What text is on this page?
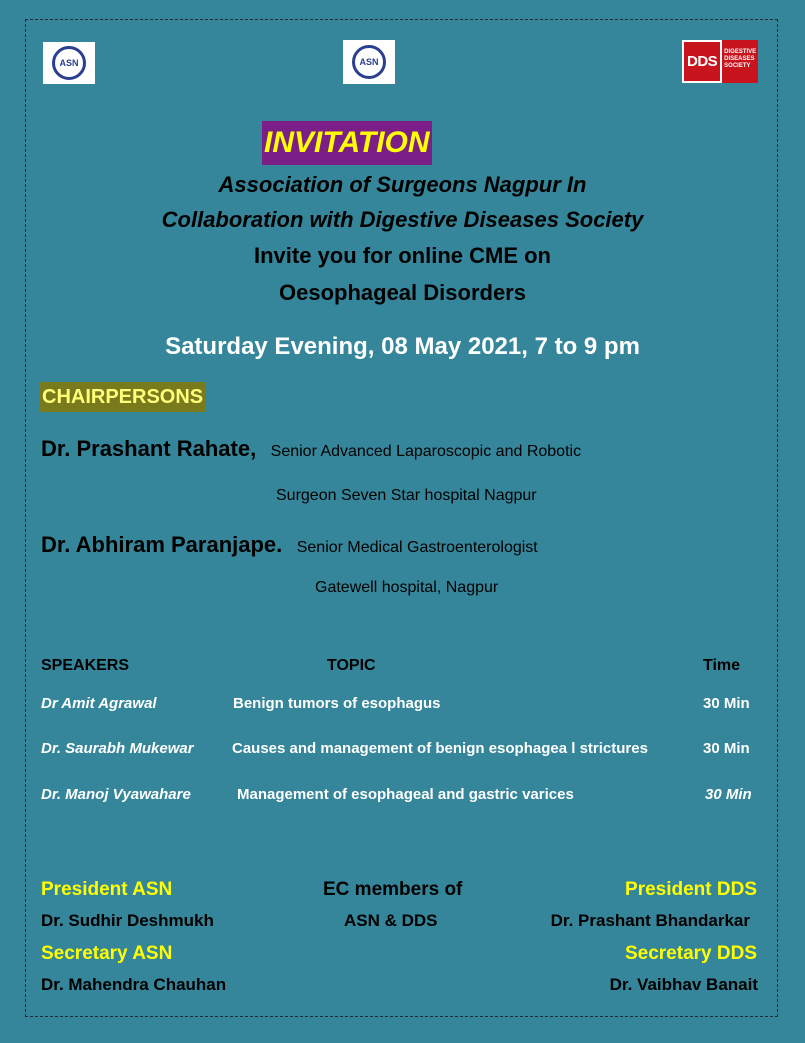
ASN	ASN	DDS
DIGESTIVE
DISEASES
SOCIETY
INVITATION
Association of Surgeons Nagpur In
Collaboration with Digestive Diseases Society
Invite you for online CME on
Oesophageal Disorders
Saturday Evening, 08 May 2021, 7 to 9 pm
CHAIRPERSONS
Dr. Prashant Rahate, Senior Advanced Laparoscopic and Robotic
Surgeon Seven Star hospital Nagpur
Dr. Abhiram Paranjape. Senior Medical Gastroenterologist
Gatewell hospital, Nagpur
SPEAKERS	TOPIC	Time
Dr Amit Agrawal	Benign tumors of esophagus	30 Min
Dr. Saurabh Mukewar	Causes and management of benign esophagea l strictures	30 Min
Dr. Manoj Vyawahare	Management of esophageal and gastric varices	30 Min
President ASN
Dr. Sudhir Deshmukh
Secretary ASN
Dr. Mahendra Chauhan
EC members of
ASN & DDS
President DDS
Dr. Prashant Bhandarkar
Secretary DDS
Dr. Vaibhav Banait
